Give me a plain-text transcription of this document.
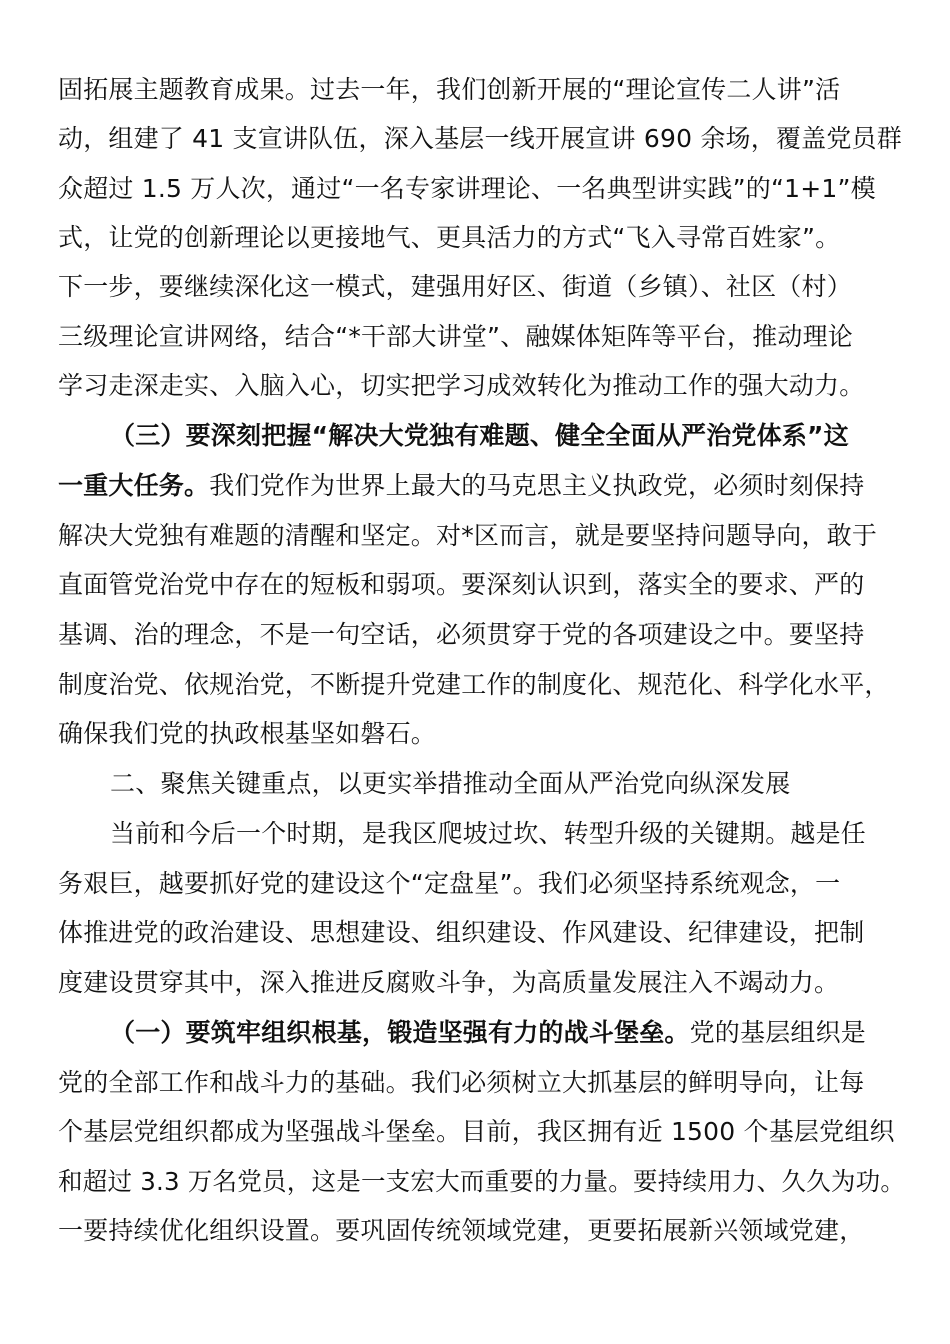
固拓展主题教育成果。过去一年，我们创新开展的“理论宣传二人讲”活
动，组建了 41 支宣讲队伍，深入基层一线开展宣讲 690 余场，覆盖党员群
众超过 1.5 万人次，通过“一名专家讲理论、一名典型讲实践”的“1+1”模
式，让党的创新理论以更接地气、更具活力的方式“飞入寻常百姓家”。
下一步，要继续深化这一模式，建强用好区、街道（乡镇）、社区（村）
三级理论宣讲网络，结合“*干部大讲堂”、融媒体矩阵等平台，推动理论
学习走深走实、入脑入心，切实把学习成效转化为推动工作的强大动力。
（三）要深刻把握“解决大党独有难题、健全全面从严治党体系”这
一重大任务。我们党作为世界上最大的马克思主义执政党，必须时刻保持
解决大党独有难题的清醒和坚定。对*区而言，就是要坚持问题导向，敢于
直面管党治党中存在的短板和弱项。要深刻认识到，落实全的要求、严的
基调、治的理念，不是一句空话，必须贯穿于党的各项建设之中。要坚持
制度治党、依规治党，不断提升党建工作的制度化、规范化、科学化水平，
确保我们党的执政根基坚如磐石。
二、聚焦关键重点，以更实举措推动全面从严治党向纵深发展
当前和今后一个时期，是我区爬坡过坎、转型升级的关键期。越是任
务艰巨，越要抓好党的建设这个“定盘星”。我们必须坚持系统观念，一
体推进党的政治建设、思想建设、组织建设、作风建设、纪律建设，把制
度建设贯穿其中，深入推进反腐败斗争，为高质量发展注入不竭动力。
（一）要筑牢组织根基，锻造坚强有力的战斗堡垒。党的基层组织是
党的全部工作和战斗力的基础。我们必须树立大抓基层的鲜明导向，让每
个基层党组织都成为坚强战斗堡垒。目前，我区拥有近 1500 个基层党组织
和超过 3.3 万名党员，这是一支宏大而重要的力量。要持续用力、久久为功。
一要持续优化组织设置。要巩固传统领域党建，更要拓展新兴领域党建，
